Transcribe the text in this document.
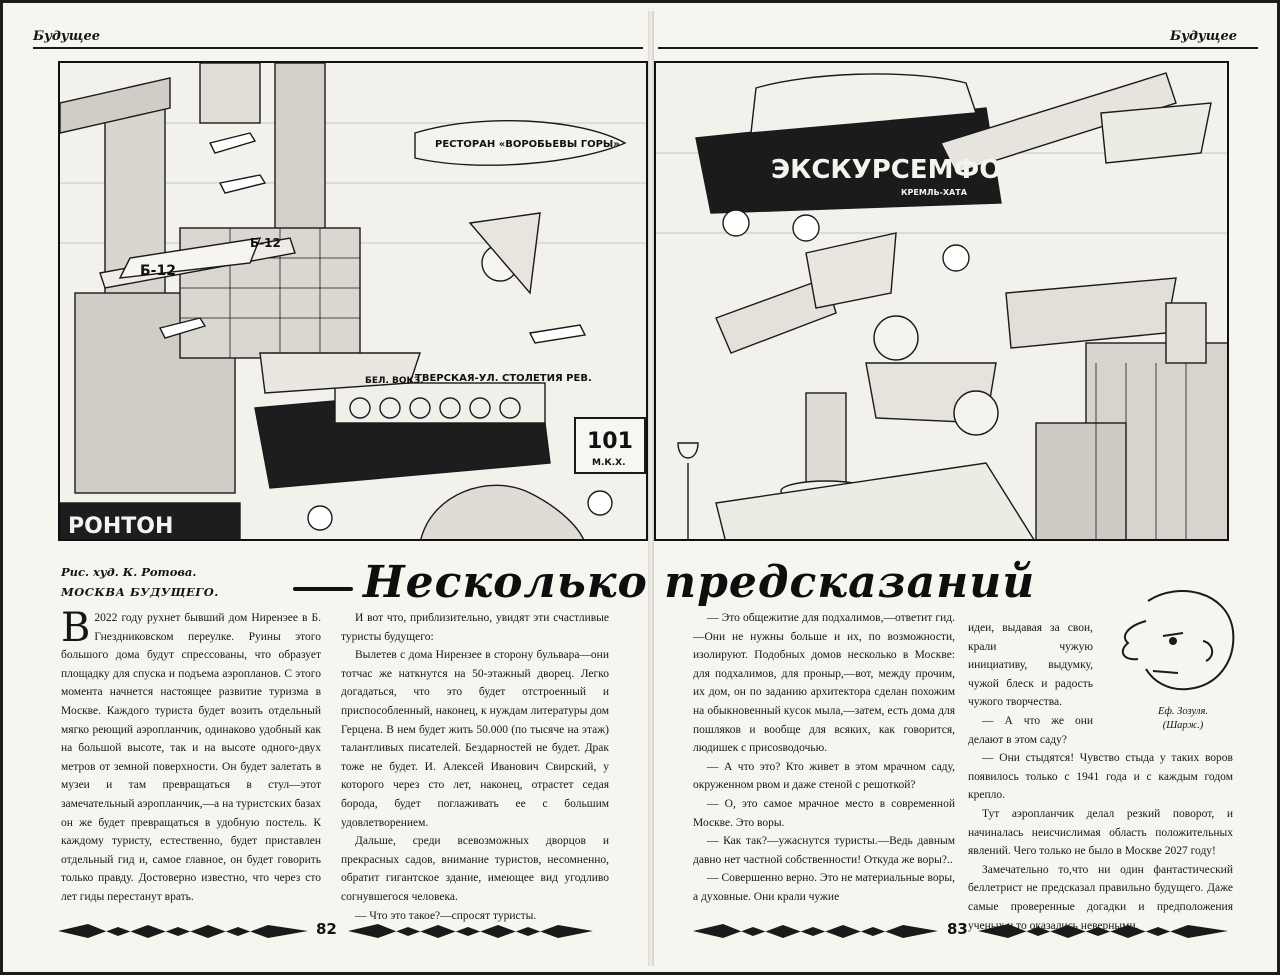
Будущее	Будущее
РЕСТОРАН «ВОРОБЬЕВЫ ГОРЫ»
Б-12
Б-12
ТВЕРСКАЯ-УЛ. СТОЛЕТИЯ РЕВ.
БЕЛ. ВОКЗ.
101
М.К.Х.
РОНТОН
ЭКСКУРСЕМФО
КРЕМЛЬ-ХАТА
Рис. худ. К. Ротова.
МОСКВА БУДУЩЕГО.	Несколько предсказаний
В 2022 году рухнет бывший дом Ниренэее в Б. Гнездниковском переулке. Руины этого большого дома будут спрессованы, что образует площадку для спуска и подъема аэропланов. С этого момента начнется настоящее развитие туризма в Москве. Каждого туриста будет возить отдельный мягко реющий аэропланчик, одинаково удобный как на большой высоте, так и на высоте одного-двух метров от земной поверхности. Он будет залетать в музеи и там превращаться в стул—этот замечательный аэропланчик,—а на туристских базах он же будет превращаться в удобную постель. К каждому туристу, естественно, будет приставлен отдельный гид и, самое главное, он будет говорить только правду. Достоверно известно, что через сто лет гиды перестанут врать.

И вот что, приблизительно, увидят эти счастливые туристы будущего:

Вылетев с дома Нирензее в сторону бульвара—они тотчас же наткнутся на 50-этажный дворец. Легко догадаться, что это будет отстроенный и приспособленный, наконец, к нуждам литературы дом Герцена. В нем будет жить 50.000 (по тысяче на этаж) талантливых писателей. Бездарностей не будет. Драк тоже не будет. И. Алексей Иванович Свирский, у которого через сто лет, наконец, отрастет седая борода, будет поглаживать ее с большим удовлетворением.

Дальше, среди всевозможных дворцов и прекрасных садов, внимание туристов, несомненно, обратит гигантское здание, имеющее вид угодливо согнувшегося человека.

— Что это такое?—спросят туристы.

— Это общежитие для подхалимов,—ответит гид.—Они не нужны больше и их, по возможности, изолируют. Подобных домов несколько в Москве: для подхалимов, для проныр,—вот, между прочим, их дом, он по заданию архитектора сделан похожим на обыкновенный кусок мыла,—затем, есть дома для пошляков и вообще для всяких, как говорится, людишек с присosводочью.

— А что это? Кто живет в этом мрачном саду, окруженном рвом и даже стеной с решоткой?

— О, это самое мрачное место в современной Москве. Это воры.

— Как так?—ужаснутся туристы.—Ведь давным давно нет частной собственности! Откуда же воры?..

— Совершенно верно. Это не материальные воры, а духовные. Они крали чужие

идеи, выдавая за свои, крали чужую инициативу, выдумку, чужой блеск и радость чужого творчества.

— А что же они делают в этом саду?

— Они стыдятся! Чувство стыда у таких воров появилось только с 1941 года и с каждым годом крепло.

Тут аэропланчик делал резкий поворот, и начиналась неисчислимая область положительных явлений. Чего только не было в Москве 2027 году!

Замечательно то,что ни один фантастический беллетрист не предсказал правильно будущего. Даже самые проверенные догадки и предположения ученых и то оказались неверными.

Еф. Зозуля.
(Шарж.)
82	83
